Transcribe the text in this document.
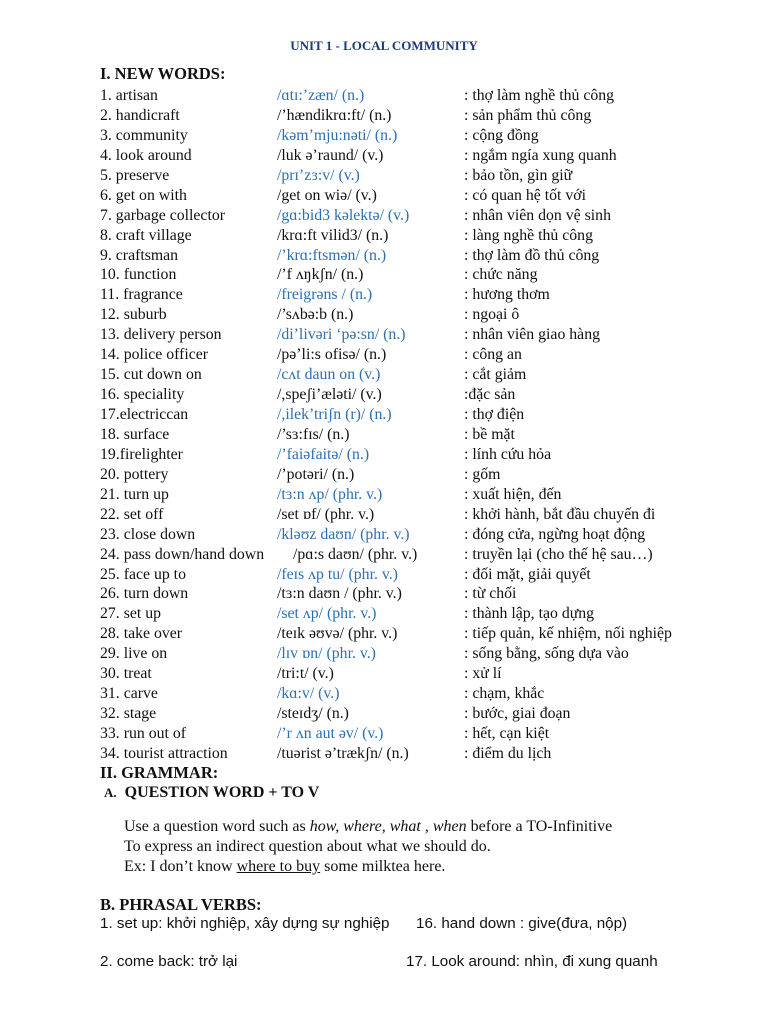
UNIT 1 - LOCAL COMMUNITY
I. NEW WORDS:
1. artisan	/ɑtɪ:’zæn/ (n.)	: thợ làm nghề thủ công
2. handicraft	/’hændikrɑ:ft/ (n.)	: sản phẩm thủ công
3. community	/kəm’mju:nəti/ (n.)	: cộng đồng
4. look around	/luk ə’raund/ (v.)	: ngắm ngía xung quanh
5. preserve	/prɪ’zɜ:v/ (v.)	: bảo tồn, gìn giữ
6. get on with	/get on wiə/ (v.)	: có quan hệ tốt với
7. garbage collector	/gɑ:bid3 kəlektə/ (v.)	: nhân viên dọn vệ sinh
8. craft village	/krɑ:ft vilid3/ (n.)	: làng nghề thủ công
9. craftsman	/’krɑ:ftsmən/ (n.)	: thợ làm đồ thủ công
10. function	/’f ʌŋkʃn/ (n.)	: chức năng
11. fragrance	/freigrəns / (n.)	: hương thơm
12. suburb	/’sʌbə:b (n.)	: ngoại ô
13. delivery person	/di’livəri ‘pə:sn/ (n.)	: nhân viên giao hàng
14. police officer	/pə’li:s ofisə/ (n.)	: công an
15. cut down on	/cʌt daun on (v.)	: cắt giảm
16. speciality	/,speʃi’æləti/ (v.)	:đặc sản
17.electriccan	/,ilek’triʃn (r)/ (n.)	: thợ điện
18. surface	/’sɜ:fɪs/ (n.)	: bề mặt
19.firelighter	/’faiəfaitə/ (n.)	: lính cứu hỏa
20. pottery	/’potəri/ (n.)	: gốm
21. turn up	/tɜ:n ʌp/ (phr. v.)	: xuất hiện, đến
22. set off	/set ɒf/ (phr. v.)	: khởi hành, bắt đầu chuyến đi
23. close down	/kləʊz daʊn/ (phr. v.)	: đóng cửa, ngừng hoạt động
24. pass down/hand down /pɑ:s daʊn/ (phr. v.)	: truyền lại (cho thế hệ sau…)
25. face up to	/feɪs ʌp tu/ (phr. v.)	: đối mặt, giải quyết
26. turn down	/tɜ:n daʊn / (phr. v.)	: từ chối
27. set up	/set ʌp/ (phr. v.)	: thành lập, tạo dựng
28. take over	/teɪk əʊvə/ (phr. v.)	: tiếp quản, kế nhiệm, nối nghiệp
29. live on	/lɪv ɒn/ (phr. v.)	: sống bằng, sống dựa vào
30. treat	/tri:t/ (v.)	: xử lí
31. carve	/kɑ:v/ (v.)	: chạm, khắc
32. stage	/steɪdʒ/ (n.)	: bước, giai đoạn
33. run out of	/’r ʌn aut əv/ (v.)	: hết, cạn kiệt
34. tourist attraction	/tuərist ə’trækʃn/ (n.)	: điểm du lịch
II. GRAMMAR:
A. QUESTION WORD + TO V
Use a question word such as how, where, what , when before a TO-Infinitive
To express an indirect question about what we should do.
Ex: I don’t know where to buy some milktea here.
B. PHRASAL VERBS:
1. set up: khởi nghiệp, xây dựng sự nghiệp 16. hand down : give(đưa, nộp)
2. come back: trở lại	17. Look around: nhìn, đi xung quanh
